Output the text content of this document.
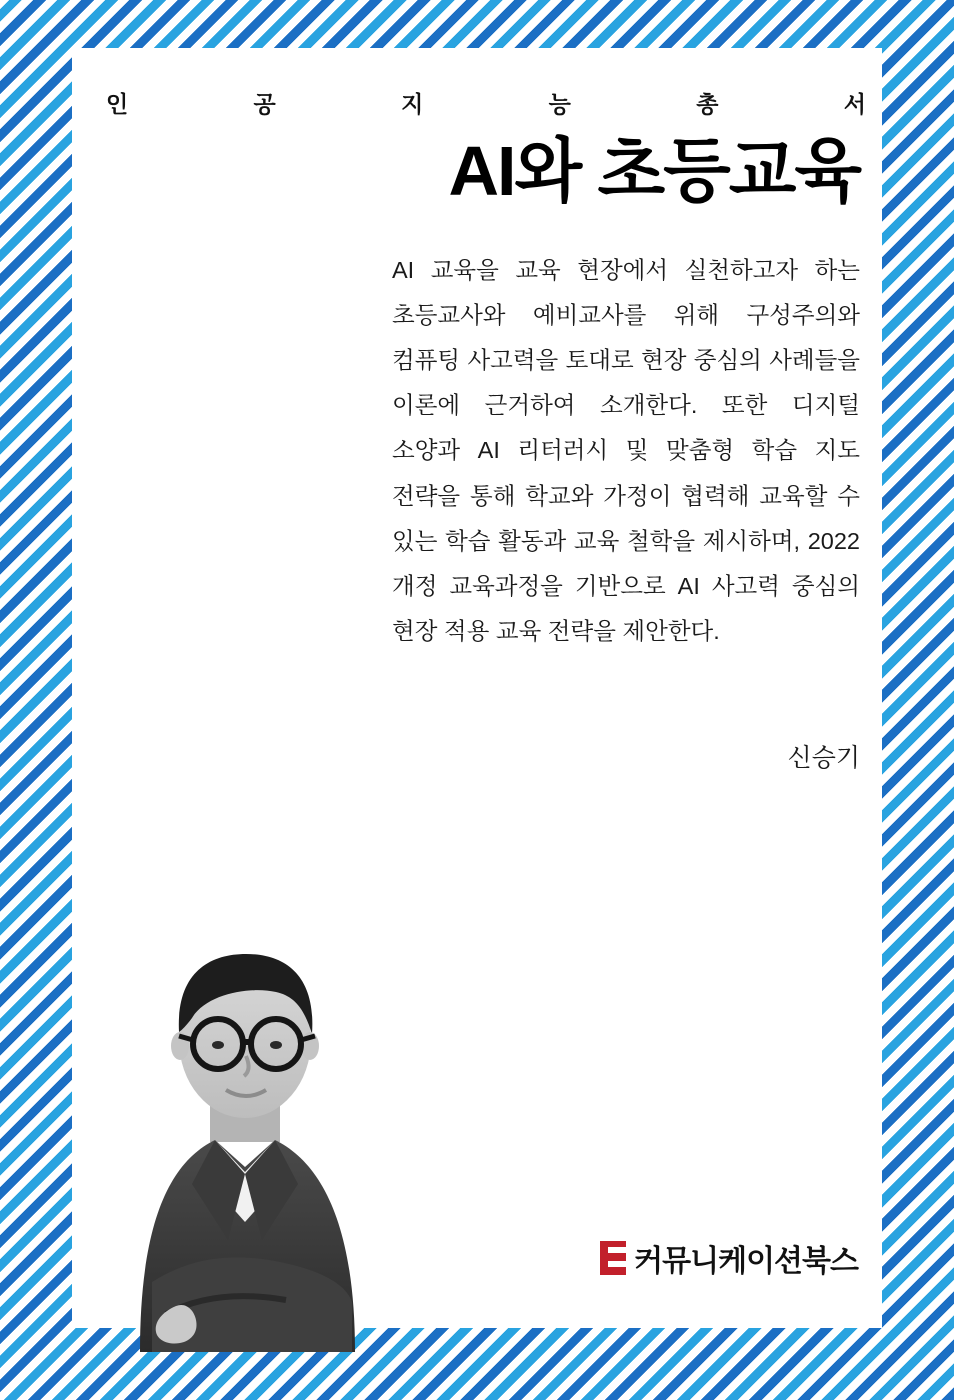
인	공	지	능	총	서
AI와 초등교육
AI 교육을 교육 현장에서 실천하고자 하는 초등교사와 예비교사를 위해 구성주의와 컴퓨팅 사고력을 토대로 현장 중심의 사례들을 이론에 근거하여 소개한다. 또한 디지털 소양과 AI 리터러시 및 맞춤형 학습 지도 전략을 통해 학교와 가정이 협력해 교육할 수 있는 학습 활동과 교육 철학을 제시하며, 2022 개정 교육과정을 기반으로 AI 사고력 중심의 현장 적용 교육 전략을 제안한다.
신승기
커뮤니케이션북스
